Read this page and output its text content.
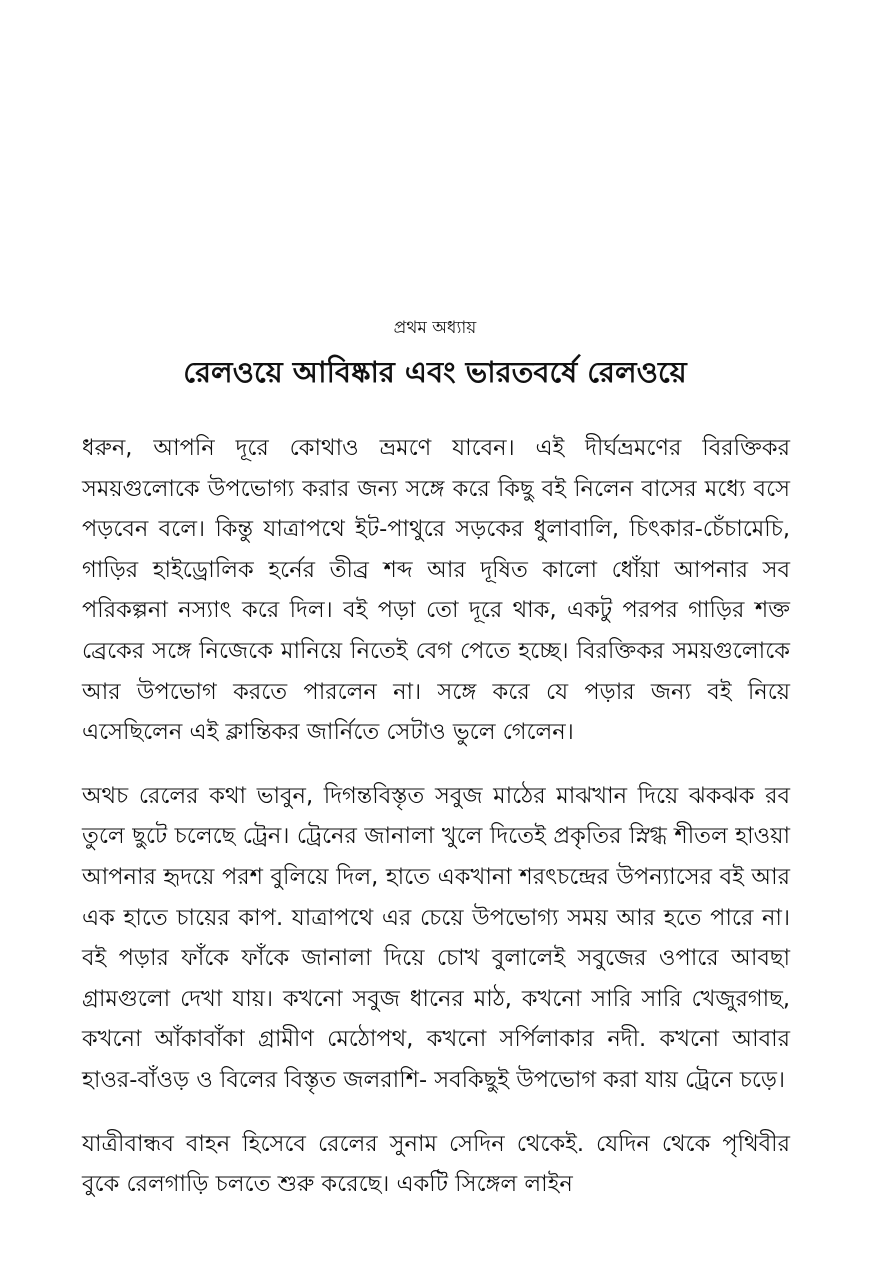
প্রথম অধ্যায়
রেলওয়ে আবিষ্কার এবং ভারতবর্ষে রেলওয়ে

ধরুন, আপনি দূরে কোথাও ভ্রমণে যাবেন। এই দীর্ঘভ্রমণের বিরক্তিকর সময়গুলোকে উপভোগ্য করার জন্য সঙ্গে করে কিছু বই নিলেন বাসের মধ্যে বসে পড়বেন বলে। কিন্তু যাত্রাপথে ইট-পাথুরে সড়কের ধুলাবালি, চিৎকার-চেঁচামেচি, গাড়ির হাইড্রোলিক হর্নের তীব্র শব্দ আর দূষিত কালো ধোঁয়া আপনার সব পরিকল্পনা নস্যাৎ করে দিল। বই পড়া তো দূরে থাক, একটু পরপর গাড়ির শক্ত ব্রেকের সঙ্গে নিজেকে মানিয়ে নিতেই বেগ পেতে হচ্ছে। বিরক্তিকর সময়গুলোকে আর উপভোগ করতে পারলেন না। সঙ্গে করে যে পড়ার জন্য বই নিয়ে এসেছিলেন এই ক্লান্তিকর জার্নিতে সেটাও ভুলে গেলেন।

অথচ রেলের কথা ভাবুন, দিগন্তবিস্তৃত সবুজ মাঠের মাঝখান দিয়ে ঝকঝক রব তুলে ছুটে চলেছে ট্রেন। ট্রেনের জানালা খুলে দিতেই প্রকৃতির স্নিগ্ধ শীতল হাওয়া আপনার হৃদয়ে পরশ বুলিয়ে দিল, হাতে একখানা শরৎচন্দ্রের উপন্যাসের বই আর এক হাতে চায়ের কাপ. যাত্রাপথে এর চেয়ে উপভোগ্য সময় আর হতে পারে না। বই পড়ার ফাঁকে ফাঁকে জানালা দিয়ে চোখ বুলালেই সবুজের ওপারে আবছা গ্রামগুলো দেখা যায়। কখনো সবুজ ধানের মাঠ, কখনো সারি সারি খেজুরগাছ, কখনো আঁকাবাঁকা গ্রামীণ মেঠোপথ, কখনো সর্পিলাকার নদী. কখনো আবার হাওর-বাঁওড় ও বিলের বিস্তৃত জলরাশি- সবকিছুই উপভোগ করা যায় ট্রেনে চড়ে।

যাত্রীবান্ধব বাহন হিসেবে রেলের সুনাম সেদিন থেকেই. যেদিন থেকে পৃথিবীর বুকে রেলগাড়ি চলতে শুরু করেছে। একটি সিঙ্গেল লাইন
